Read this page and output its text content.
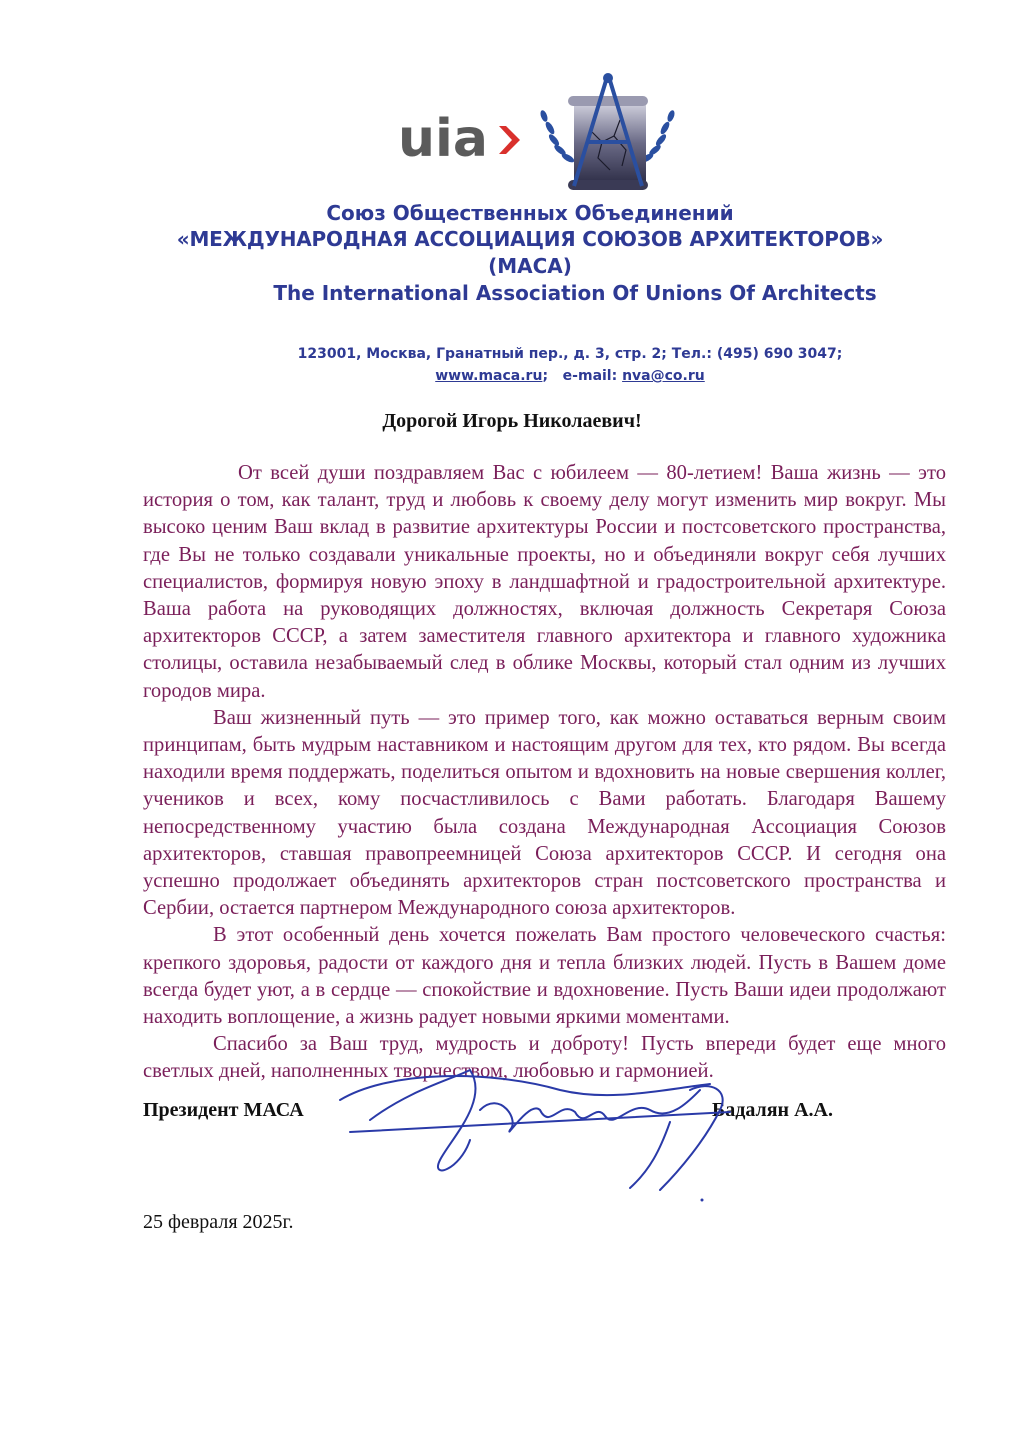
uia
Союз Общественных Объединений
«МЕЖДУНАРОДНАЯ АССОЦИАЦИЯ СОЮЗОВ АРХИТЕКТОРОВ»
(МАСА)
The International Association Of Unions Of Architects
123001, Москва, Гранатный пер., д. 3, стр. 2; Тел.: (495) 690 3047;
www.maca.ru; e-mail: nva@co.ru
Дорогой Игорь Николаевич!

От всей души поздравляем Вас с юбилеем — 80-летием! Ваша жизнь — это история о том, как талант, труд и любовь к своему делу могут изменить мир вокруг. Мы высоко ценим Ваш вклад в развитие архитектуры России и постсоветского пространства, где Вы не только создавали уникальные проекты, но и объединяли вокруг себя лучших специалистов, формируя новую эпоху в ландшафтной и градостроительной архитектуре. Ваша работа на руководящих должностях, включая должность Секретаря Союза архитекторов СССР, а затем заместителя главного архитектора и главного художника столицы, оставила незабываемый след в облике Москвы, который стал одним из лучших городов мира.

Ваш жизненный путь — это пример того, как можно оставаться верным своим принципам, быть мудрым наставником и настоящим другом для тех, кто рядом. Вы всегда находили время поддержать, поделиться опытом и вдохновить на новые свершения коллег, учеников и всех, кому посчастливилось с Вами работать. Благодаря Вашему непосредственному участию была создана Международная Ассоциация Союзов архитекторов, ставшая правопреемницей Союза архитекторов СССР. И сегодня она успешно продолжает объединять архитекторов стран постсоветского пространства и Сербии, остается партнером Международного союза архитекторов.

В этот особенный день хочется пожелать Вам простого человеческого счастья: крепкого здоровья, радости от каждого дня и тепла близких людей. Пусть в Вашем доме всегда будет уют, а в сердце — спокойствие и вдохновение. Пусть Ваши идеи продолжают находить воплощение, а жизнь радует новыми яркими моментами.

Спасибо за Ваш труд, мудрость и доброту! Пусть впереди будет еще много светлых дней, наполненных творчеством, любовью и гармонией.

25 февраля 2025г.
Президент МАСА	Бадалян А.А.
